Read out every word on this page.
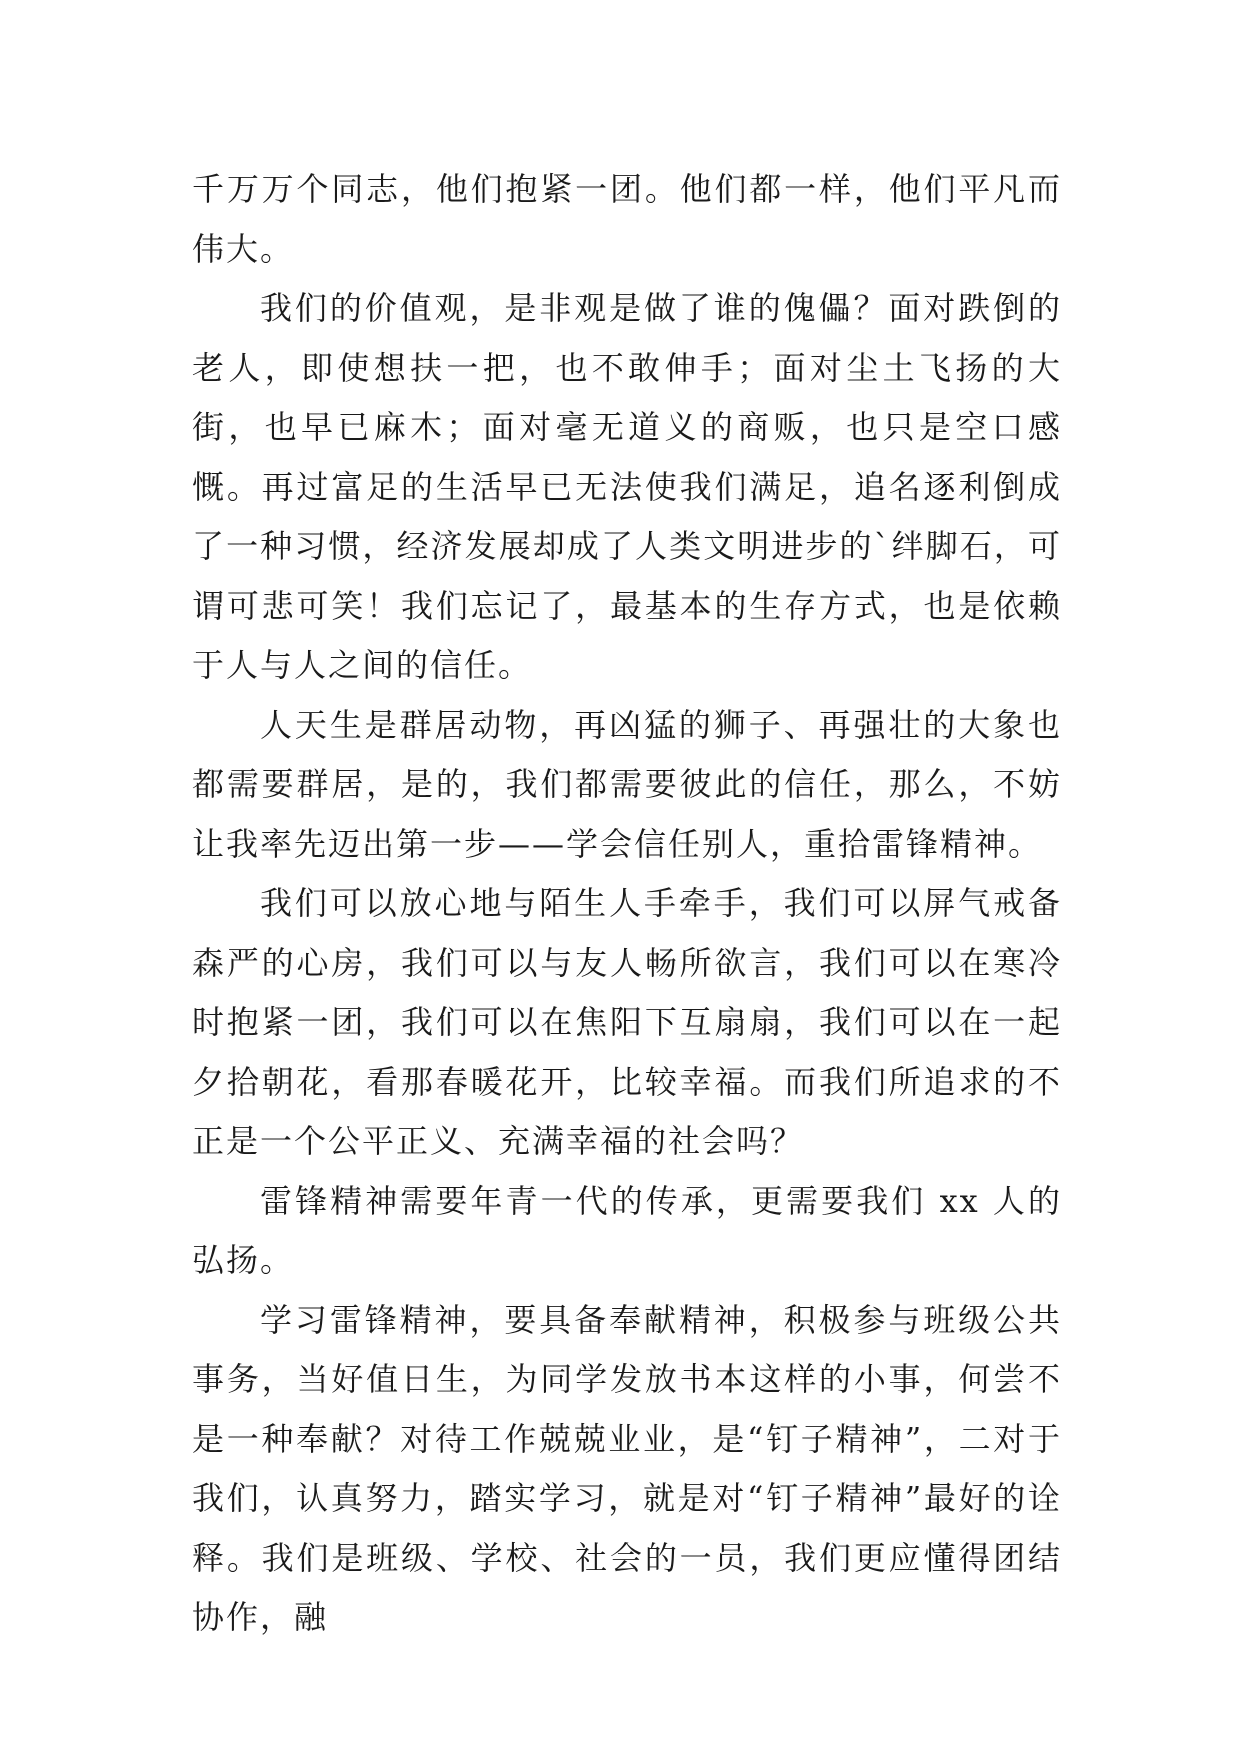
千万万个同志，他们抱紧一团。他们都一样，他们平凡而伟大。

我们的价值观，是非观是做了谁的傀儡？面对跌倒的老人，即使想扶一把，也不敢伸手；面对尘土飞扬的大街，也早已麻木；面对毫无道义的商贩，也只是空口感慨。再过富足的生活早已无法使我们满足，追名逐利倒成了一种习惯，经济发展却成了人类文明进步的`绊脚石，可谓可悲可笑！我们忘记了，最基本的生存方式，也是依赖于人与人之间的信任。

人天生是群居动物，再凶猛的狮子、再强壮的大象也都需要群居，是的，我们都需要彼此的信任，那么，不妨让我率先迈出第一步——学会信任别人，重拾雷锋精神。

我们可以放心地与陌生人手牵手，我们可以屏气戒备森严的心房，我们可以与友人畅所欲言，我们可以在寒冷时抱紧一团，我们可以在焦阳下互扇扇，我们可以在一起夕拾朝花，看那春暖花开，比较幸福。而我们所追求的不正是一个公平正义、充满幸福的社会吗？

雷锋精神需要年青一代的传承，更需要我们 xx 人的弘扬。

学习雷锋精神，要具备奉献精神，积极参与班级公共事务，当好值日生，为同学发放书本这样的小事，何尝不是一种奉献？对待工作兢兢业业，是“钉子精神”，二对于我们，认真努力，踏实学习，就是对“钉子精神”最好的诠释。我们是班级、学校、社会的一员，我们更应懂得团结协作，融
